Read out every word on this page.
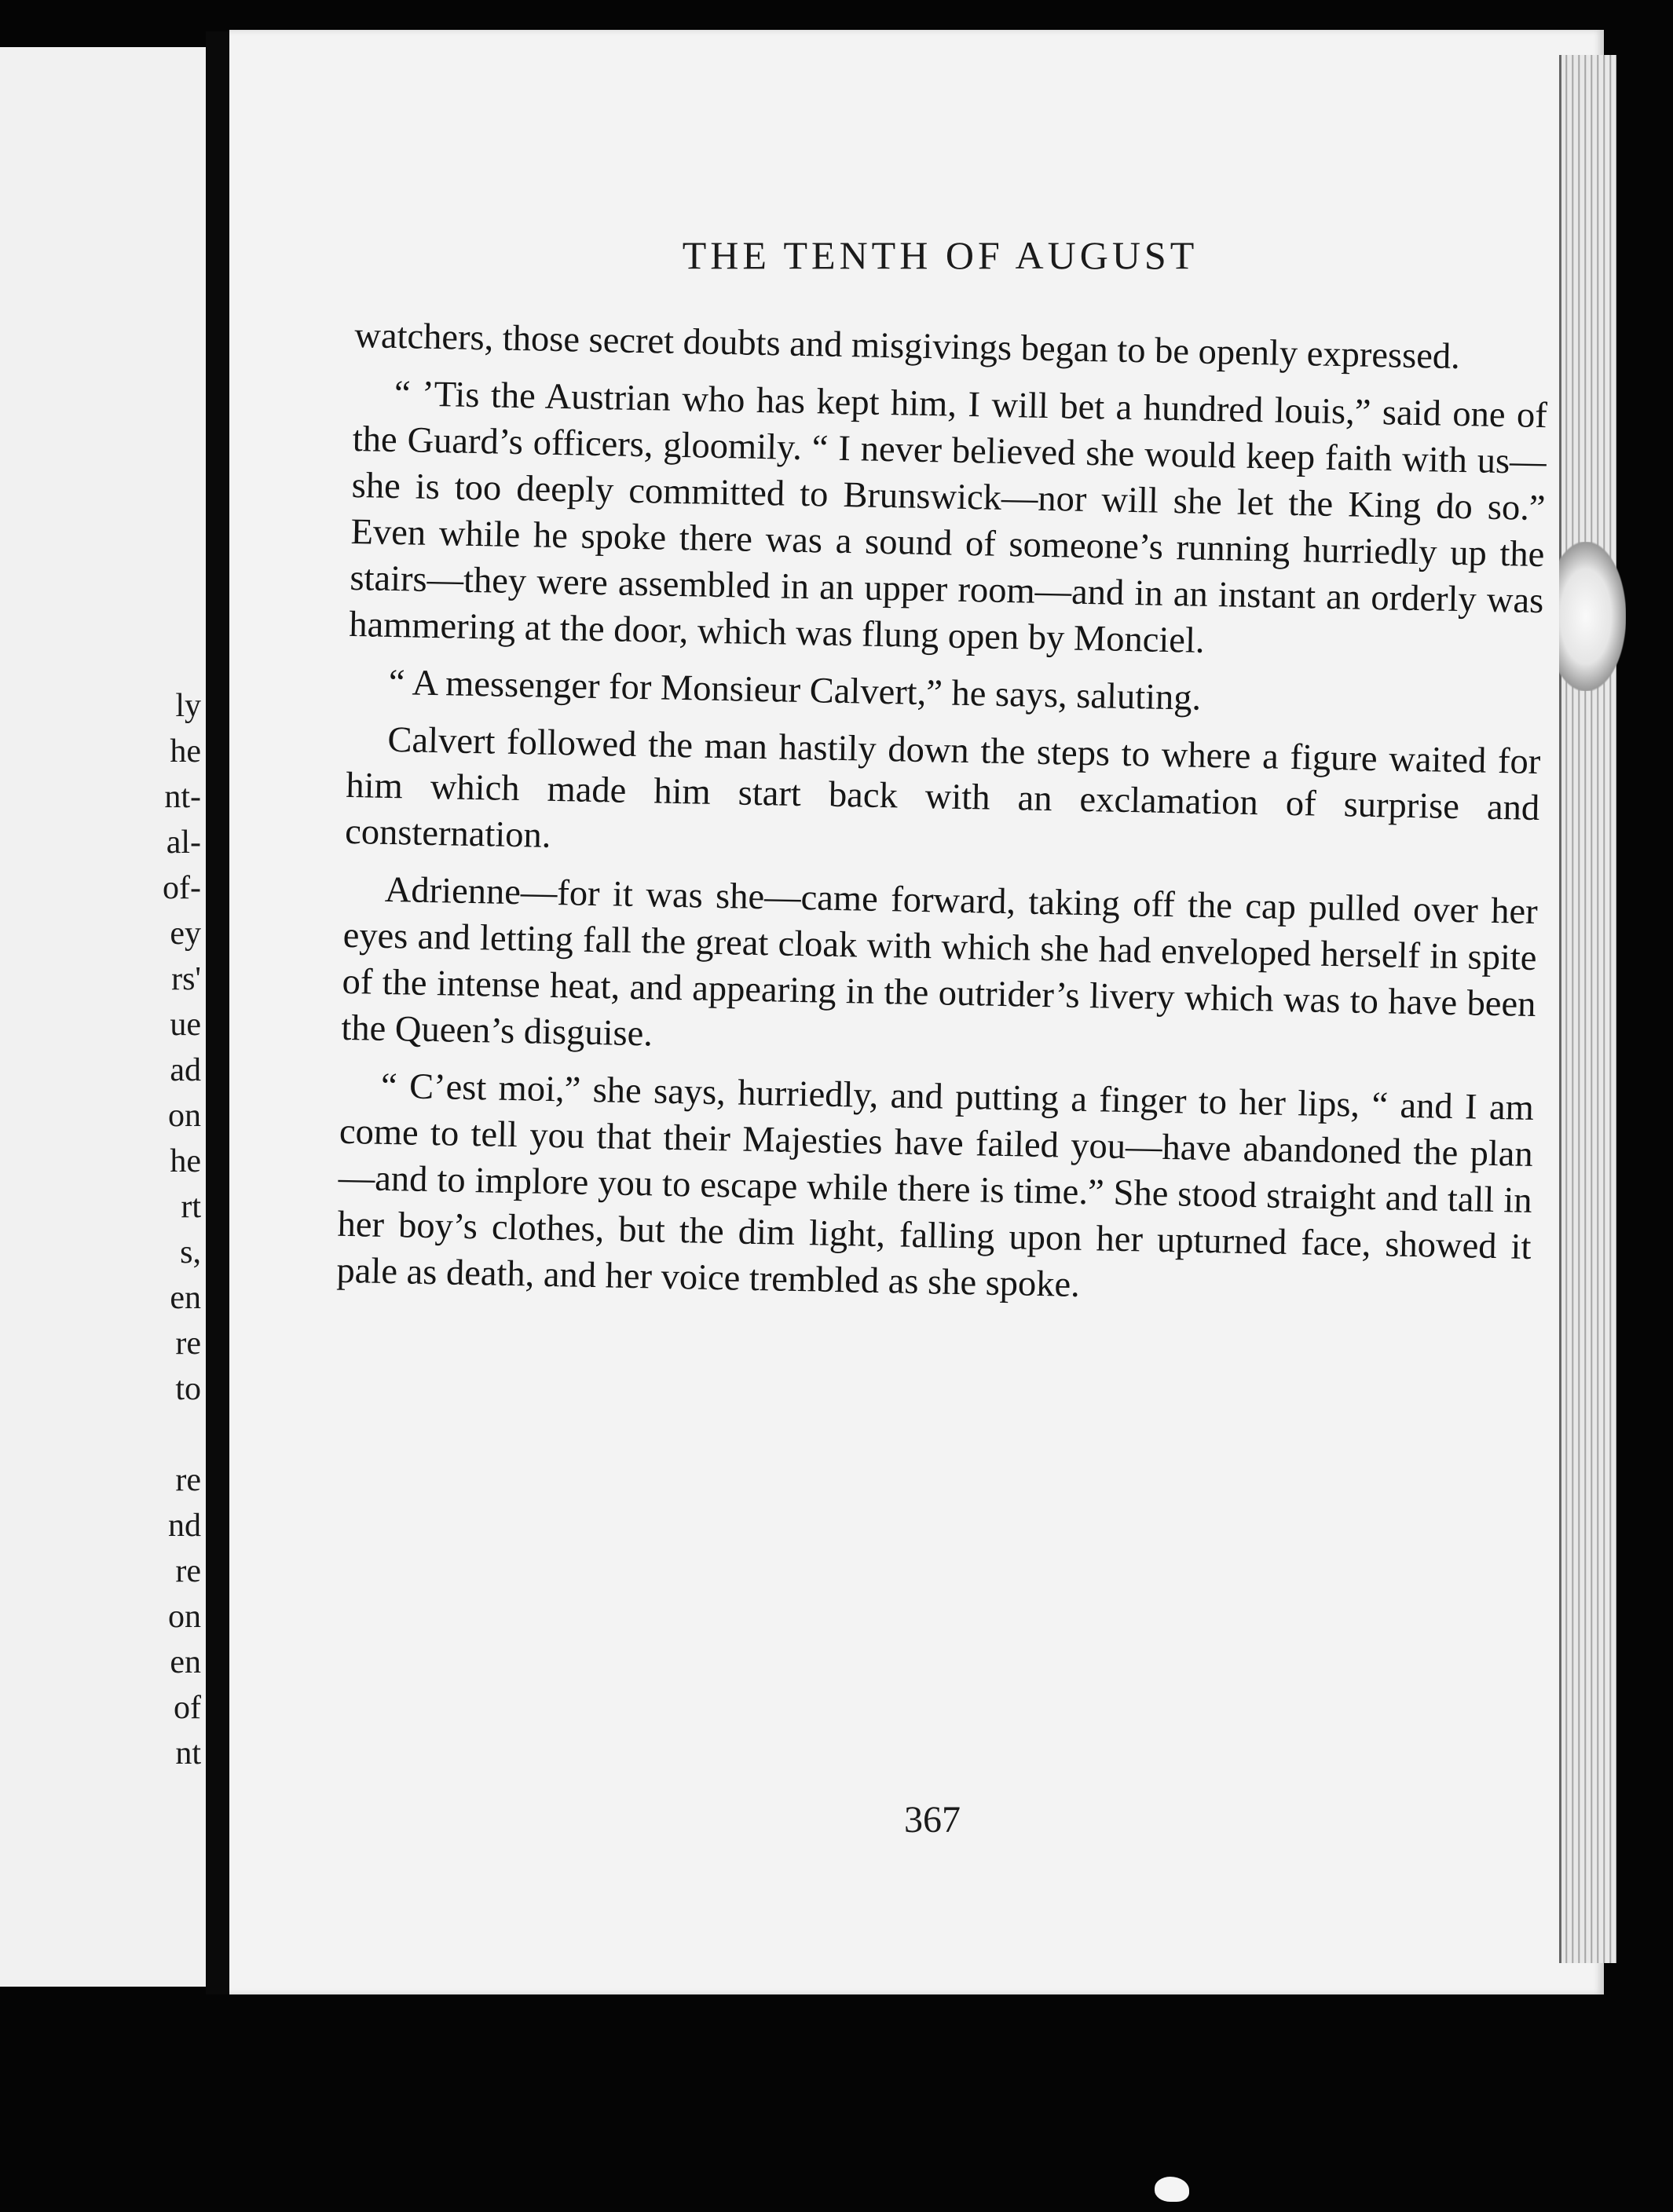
ly
he
nt-
al-
of-
ey
rs'
ue
ad
on
he
rt
s,
en
re
to
re
nd
re
on
en
of
nt
THE TENTH OF AUGUST

watchers, those secret doubts and misgivings began to be openly expressed.

“ ’Tis the Austrian who has kept him, I will bet a hundred louis,” said one of the Guard’s officers, gloomily. “ I never believed she would keep faith with us—she is too deeply committed to Brunswick—nor will she let the King do so.” Even while he spoke there was a sound of someone’s running hurriedly up the stairs—they were assembled in an upper room—and in an instant an orderly was hammering at the door, which was flung open by Monciel.

“ A messenger for Monsieur Calvert,” he says, saluting.

Calvert followed the man hastily down the steps to where a figure waited for him which made him start back with an exclamation of surprise and consternation.

Adrienne—for it was she—came forward, taking off the cap pulled over her eyes and letting fall the great cloak with which she had enveloped herself in spite of the intense heat, and appearing in the outrider’s livery which was to have been the Queen’s disguise.

“ C’est moi,” she says, hurriedly, and putting a finger to her lips, “ and I am come to tell you that their Majesties have failed you—have abandoned the plan—and to implore you to escape while there is time.” She stood straight and tall in her boy’s clothes, but the dim light, falling upon her upturned face, showed it pale as death, and her voice trembled as she spoke.

367
